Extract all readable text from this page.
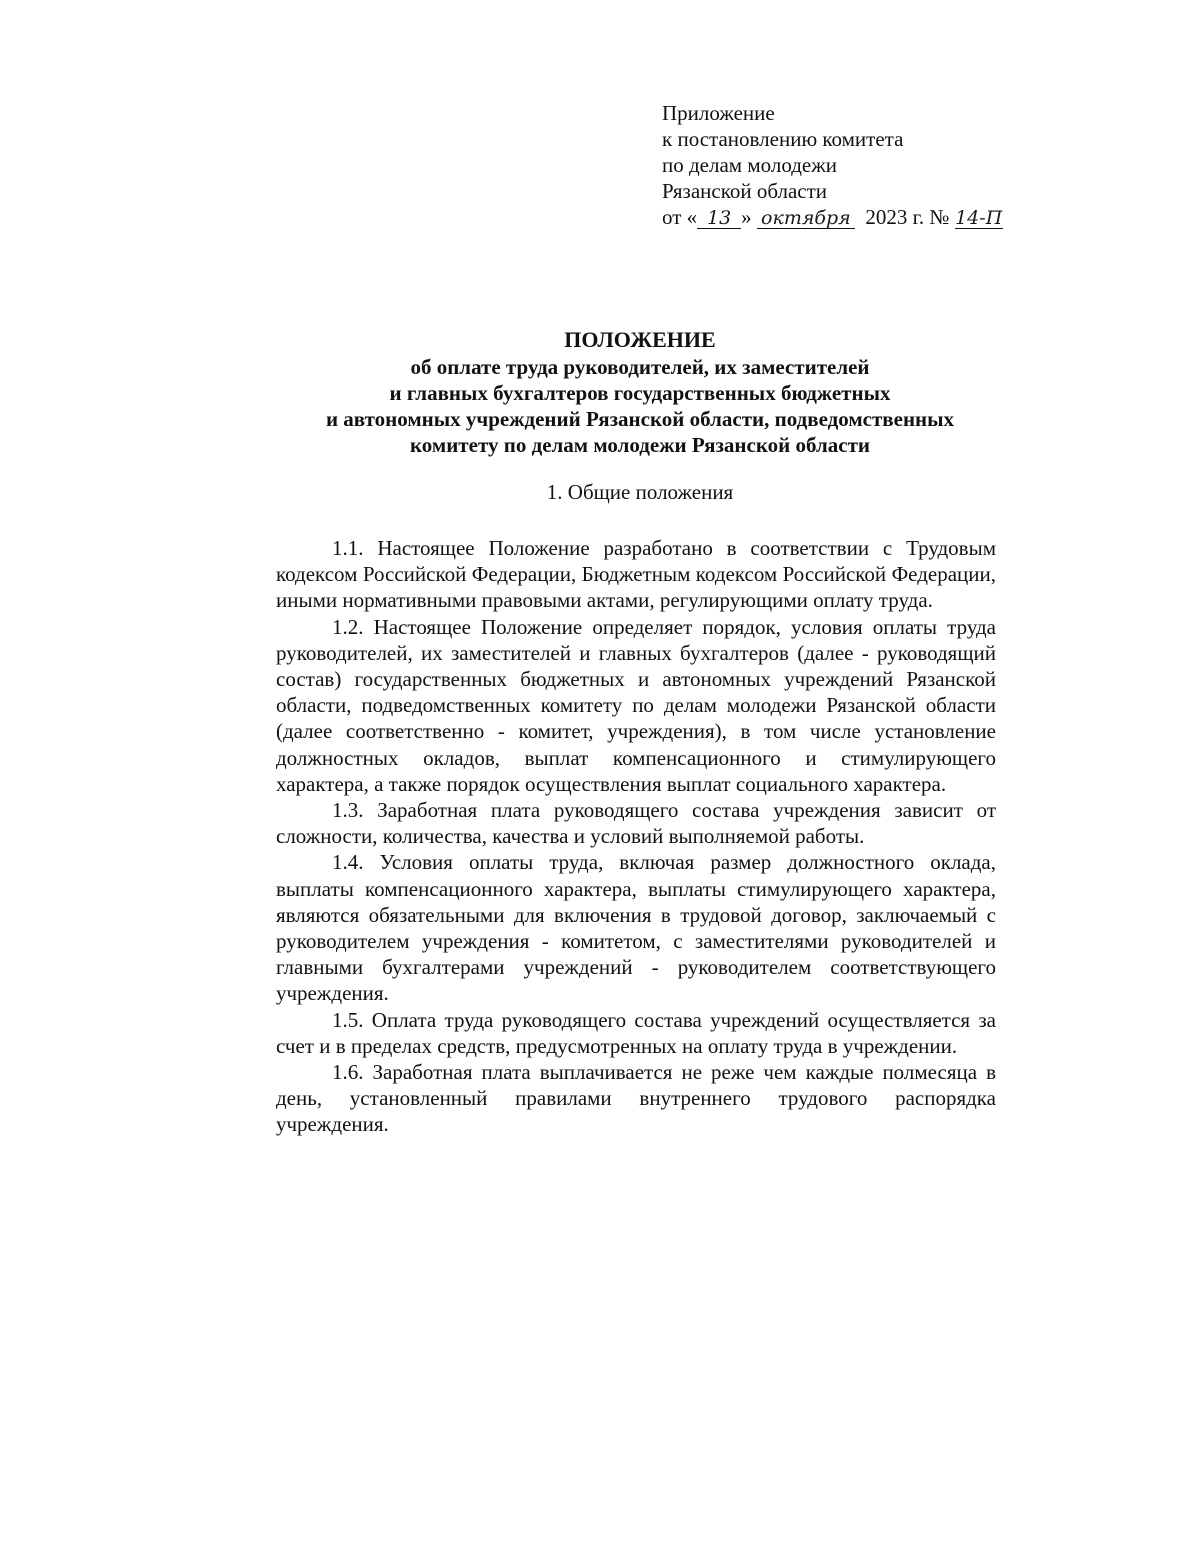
Приложение
к постановлению комитета
по делам молодежи
Рязанской области
от « 13 » октября 2023 г. № 14-П
ПОЛОЖЕНИЕ
об оплате труда руководителей, их заместителей
и главных бухгалтеров государственных бюджетных
и автономных учреждений Рязанской области, подведомственных
комитету по делам молодежи Рязанской области
1. Общие положения

1.1. Настоящее Положение разработано в соответствии с Трудовым кодексом Российской Федерации, Бюджетным кодексом Российской Федерации, иными нормативными правовыми актами, регулирующими оплату труда.

1.2. Настоящее Положение определяет порядок, условия оплаты труда руководителей, их заместителей и главных бухгалтеров (далее - руководящий состав) государственных бюджетных и автономных учреждений Рязанской области, подведомственных комитету по делам молодежи Рязанской области (далее соответственно - комитет, учреждения), в том числе установление должностных окладов, выплат компенсационного и стимулирующего характера, а также порядок осуществления выплат социального характера.

1.3. Заработная плата руководящего состава учреждения зависит от сложности, количества, качества и условий выполняемой работы.

1.4. Условия оплаты труда, включая размер должностного оклада, выплаты компенсационного характера, выплаты стимулирующего характера, являются обязательными для включения в трудовой договор, заключаемый с руководителем учреждения - комитетом, с заместителями руководителей и главными бухгалтерами учреждений - руководителем соответствующего учреждения.

1.5. Оплата труда руководящего состава учреждений осуществляется за счет и в пределах средств, предусмотренных на оплату труда в учреждении.

1.6. Заработная плата выплачивается не реже чем каждые полмесяца в день, установленный правилами внутреннего трудового распорядка учреждения.
